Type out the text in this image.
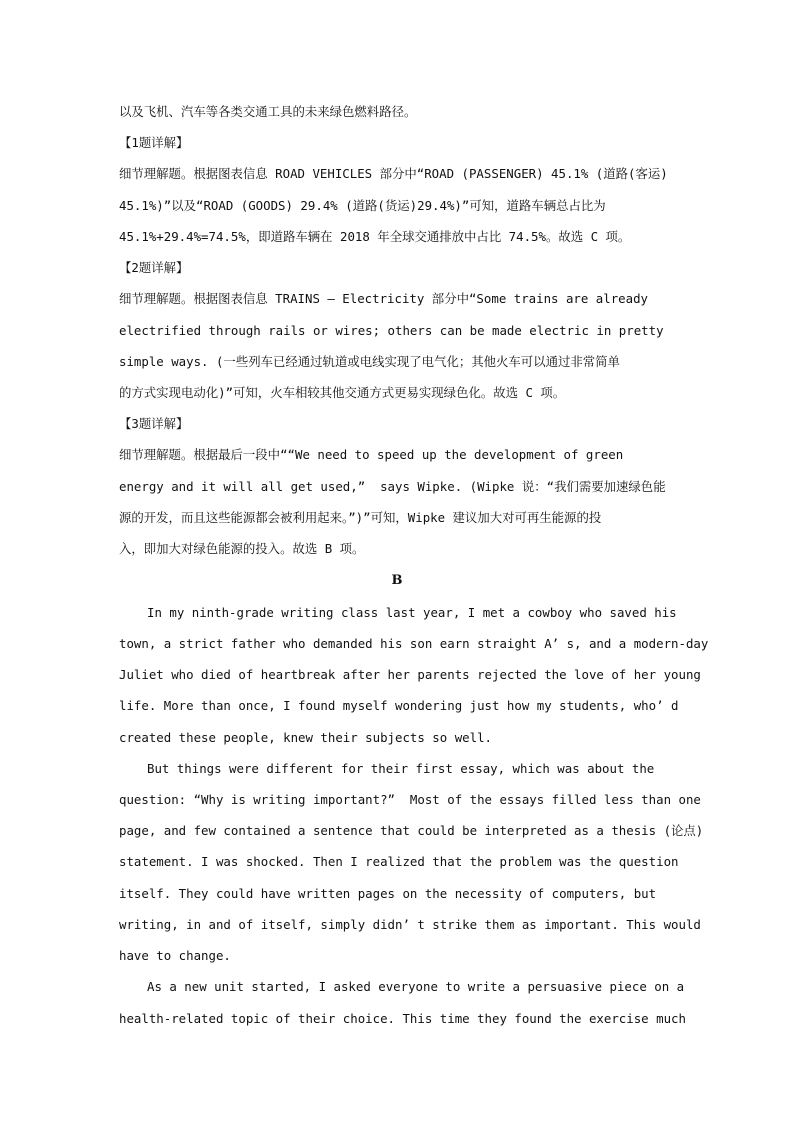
以及飞机、汽车等各类交通工具的未来绿色燃料路径。
【1题详解】
细节理解题。根据图表信息 ROAD VEHICLES 部分中“ROAD (PASSENGER) 45.1% (道路(客运)
45.1%)”以及“ROAD (GOODS) 29.4% (道路(货运)29.4%)”可知，道路车辆总占比为
45.1%+29.4%=74.5%，即道路车辆在 2018 年全球交通排放中占比 74.5%。故选 C 项。
【2题详解】
细节理解题。根据图表信息 TRAINS — Electricity 部分中“Some trains are already
electrified through rails or wires; others can be made electric in pretty
simple ways. (一些列车已经通过轨道或电线实现了电气化；其他火车可以通过非常简单
的方式实现电动化)”可知，火车相较其他交通方式更易实现绿色化。故选 C 项。
【3题详解】
细节理解题。根据最后一段中““We need to speed up the development of green
energy and it will all get used,”  says Wipke. (Wipke 说：“我们需要加速绿色能
源的开发，而且这些能源都会被利用起来。”)”可知，Wipke 建议加大对可再生能源的投
入，即加大对绿色能源的投入。故选 B 项。
B
In my ninth-grade writing class last year, I met a cowboy who saved his
town, a strict father who demanded his son earn straight A’ s, and a modern-day
Juliet who died of heartbreak after her parents rejected the love of her young
life. More than once, I found myself wondering just how my students, who’ d
created these people, knew their subjects so well.
But things were different for their first essay, which was about the
question: “Why is writing important?”  Most of the essays filled less than one
page, and few contained a sentence that could be interpreted as a thesis (论点)
statement. I was shocked. Then I realized that the problem was the question
itself. They could have written pages on the necessity of computers, but
writing, in and of itself, simply didn’ t strike them as important. This would
have to change.
As a new unit started, I asked everyone to write a persuasive piece on a
health-related topic of their choice. This time they found the exercise much
